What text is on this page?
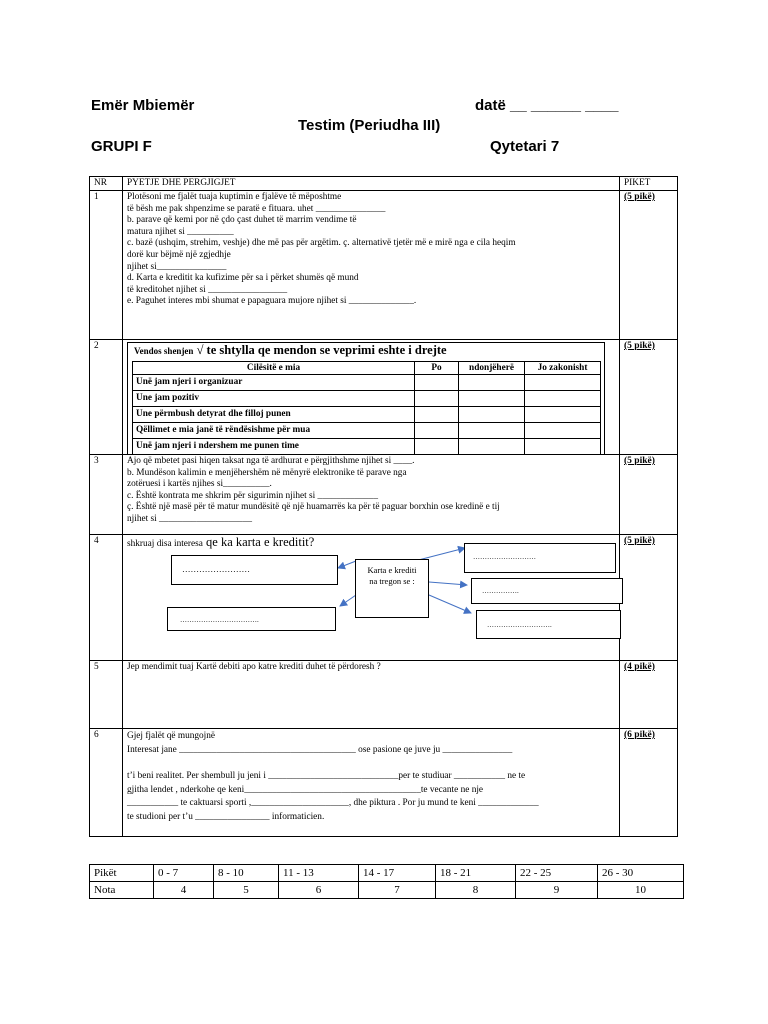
Emër Mbiemër	datë __ ______ ____
Testim (Periudha III)
GRUPI F	Qytetari 7
NR	PYETJE DHE PERGJIGJET	PIKET
1	Plotësoni me fjalët tuaja kuptimin e fjalëve të mëposhtme
të bësh me pak shpenzime se paratë e fituara. uhet _______________
b. parave që kemi por në çdo çast duhet të marrim vendime të
matura njihet si __________
c. bazë (ushqim, strehim, veshje) dhe më pas për argëtim. ç. alternativë tjetër më e mirë nga e cila heqim
dorë kur bëjmë një zgjedhje
njihet si_______________
d. Karta e kreditit ka kufizime për sa i përket shumës që mund
të kreditohet njihet si _________________
e. Paguhet interes mbi shumat e papaguara mujore njihet si ______________.
	(5 pikë)
2	Vendos shenjen √ te shtylla qe mendon se veprimi eshte i drejte
Cilësitë e mia	Po	ndonjëherë	Jo zakonisht
Unë jam njeri i organizuar			
Une jam pozitiv			
Une përmbush detyrat dhe filloj punen			
Qëllimet e mia janë të rëndësishme për mua			
Unë jam njeri i ndershem me punen time			
	(5 pikë)
3	Ajo që mbetet pasi hiqen taksat nga të ardhurat e përgjithshme njihet si ____.
b. Mundëson kalimin e menjëhershëm në mënyrë elektronike të parave nga
zotëruesi i kartës njihes si__________.
c. Është kontrata me shkrim për sigurimin njihet si _____________
ç. Është një masë për të matur mundësitë që një huamarrës ka për të paguar borxhin ose kredinë e tij
njihet si ____________________
	(5 pikë)
4	shkruaj disa interesa qe ka karta e kreditit?
……………………
…………………………….
Karta e krediti
na tregon se :
………………………
…………….
……………………….
	(5 pikë)
5	Jep mendimit tuaj Kartë debiti apo katre krediti duhet të përdoresh ?	(4 pikë)
6	Gjej fjalët që mungojnë
Interesat jane ______________________________________ ose pasione qe juve ju _______________
t’i beni realitet. Per shembull ju jeni i ____________________________per te studiuar ___________ ne te
gjitha lendet , nderkohe qe keni______________________________________te vecante ne nje
___________ te caktuarsi sporti ,_____________________, dhe piktura . Por ju mund te keni _____________
te studioni per t’u ________________ informaticien.
	(6 pikë)
Pikët	0 - 7	8 - 10	11 - 13	14 - 17	18 - 21	22 - 25	26 - 30
Nota	4	5	6	7	8	9	10
